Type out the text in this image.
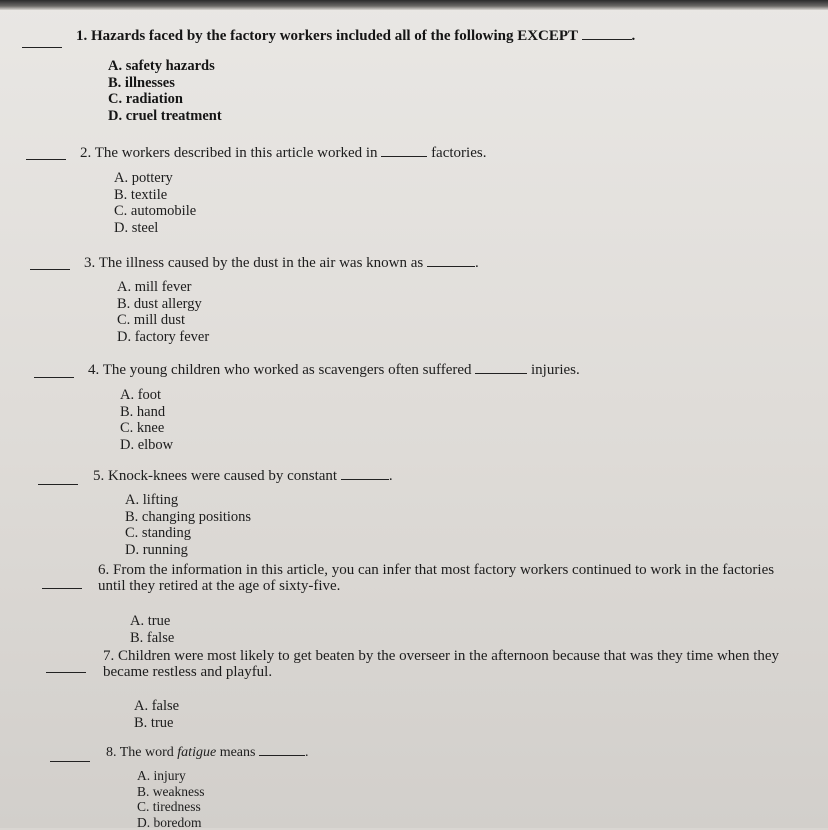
1. Hazards faced by the factory workers included all of the following EXCEPT	.
A. safety hazards
B. illnesses
C. radiation
D. cruel treatment
2. The workers described in this article worked in	factories.
A. pottery
B. textile
C. automobile
D. steel
3. The illness caused by the dust in the air was known as	.
A. mill fever
B. dust allergy
C. mill dust
D. factory fever
4. The young children who worked as scavengers often suffered	injuries.
A. foot
B. hand
C. knee
D. elbow
5. Knock-knees were caused by constant	.
A. lifting
B. changing positions
C. standing
D. running
6. From the information in this article, you can infer that most factory workers continued to work in the factories until they retired at the age of sixty-five.
A. true
B. false
7. Children were most likely to get beaten by the overseer in the afternoon because that was they time when they became restless and playful.
A. false
B. true
8. The word fatigue means	.
A. injury
B. weakness
C. tiredness
D. boredom
